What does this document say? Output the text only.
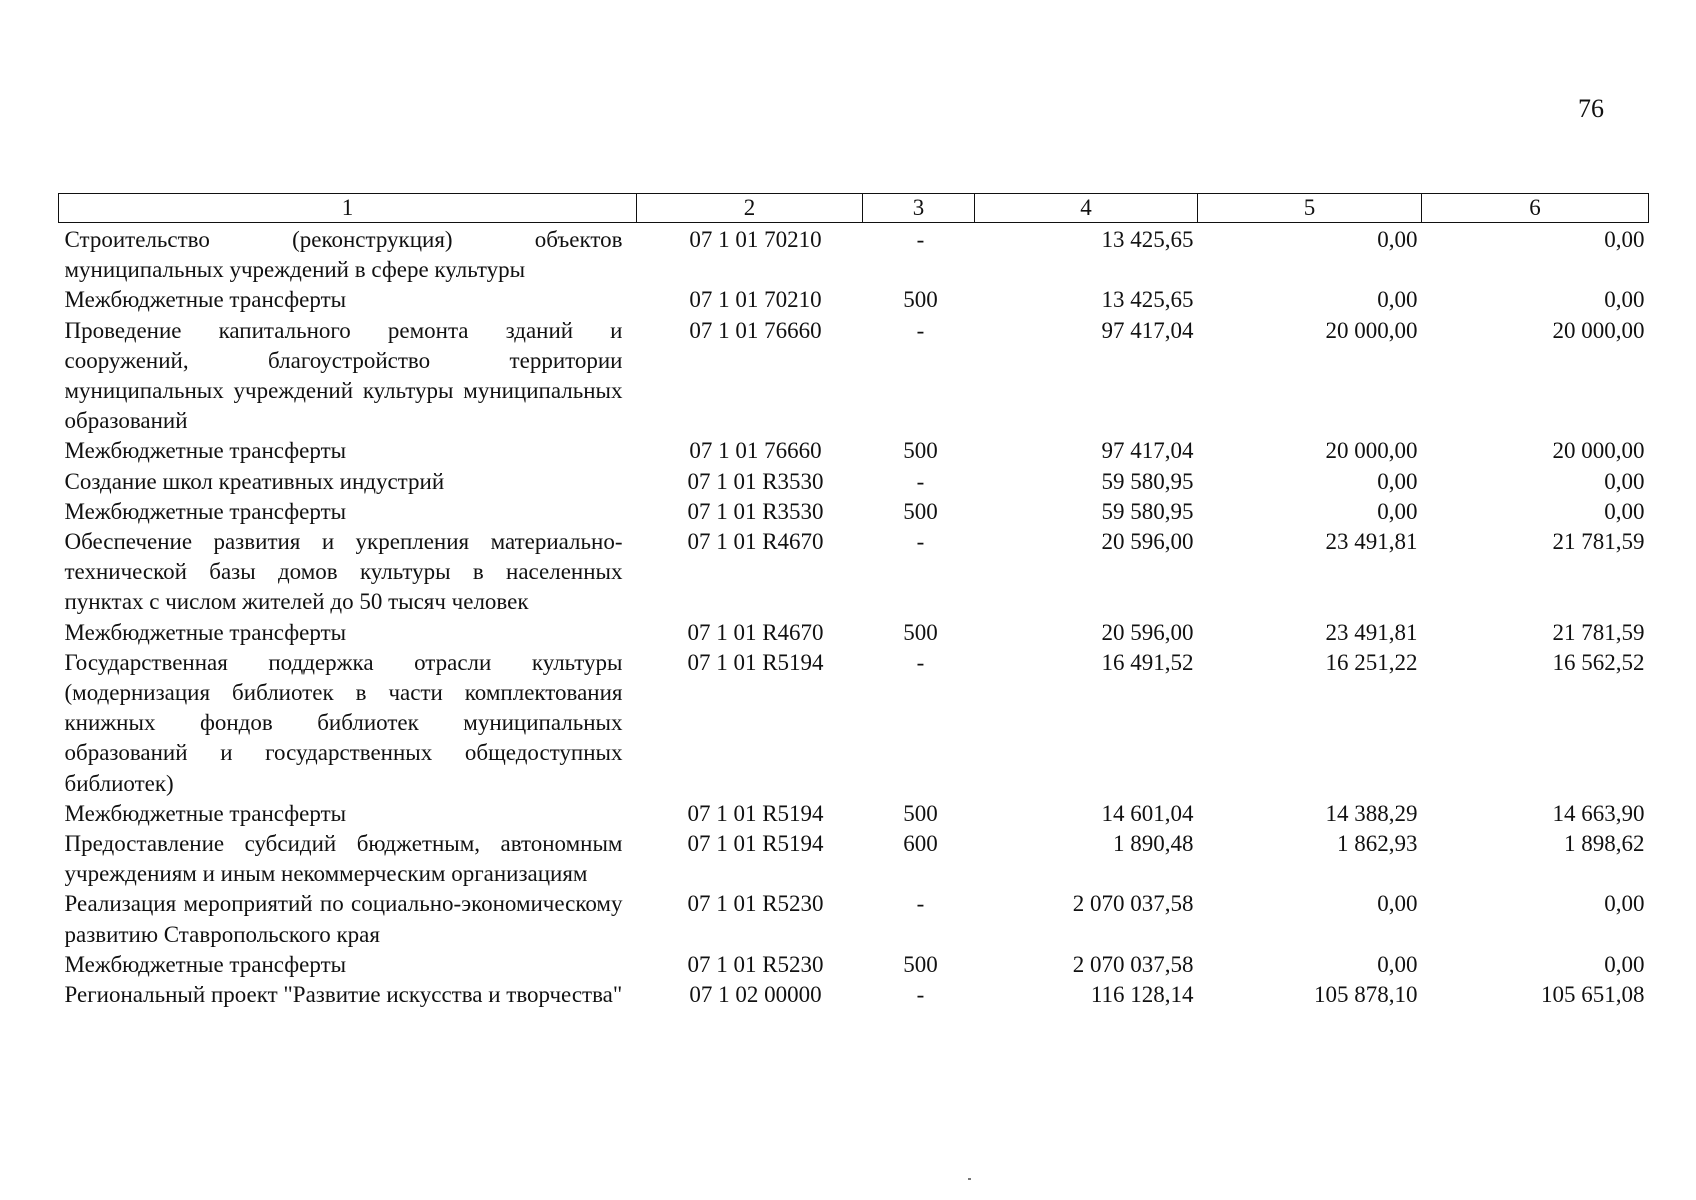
76
1	2	3	4	5	6
Строительство (реконструкция) объектов муниципальных учреждений в сфере культуры	07 1 01 70210	-	13 425,65	0,00	0,00
Межбюджетные трансферты	07 1 01 70210	500	13 425,65	0,00	0,00
Проведение капитального ремонта зданий и сооружений, благоустройство территории муниципальных учреждений культуры муниципальных образований	07 1 01 76660	-	97 417,04	20 000,00	20 000,00
Межбюджетные трансферты	07 1 01 76660	500	97 417,04	20 000,00	20 000,00
Создание школ креативных индустрий	07 1 01 R3530	-	59 580,95	0,00	0,00
Межбюджетные трансферты	07 1 01 R3530	500	59 580,95	0,00	0,00
Обеспечение развития и укрепления материально-технической базы домов культуры в населенных пунктах с числом жителей до 50 тысяч человек	07 1 01 R4670	-	20 596,00	23 491,81	21 781,59
Межбюджетные трансферты	07 1 01 R4670	500	20 596,00	23 491,81	21 781,59
Государственная поддержка отрасли культуры (модернизация библиотек в части комплектования книжных фондов библиотек муниципальных образований и государственных общедоступных библиотек)	07 1 01 R5194	-	16 491,52	16 251,22	16 562,52
Межбюджетные трансферты	07 1 01 R5194	500	14 601,04	14 388,29	14 663,90
Предоставление субсидий бюджетным, автономным учреждениям и иным некоммерческим организациям	07 1 01 R5194	600	1 890,48	1 862,93	1 898,62
Реализация мероприятий по социально-экономическому развитию Ставропольского края	07 1 01 R5230	-	2 070 037,58	0,00	0,00
Межбюджетные трансферты	07 1 01 R5230	500	2 070 037,58	0,00	0,00
Региональный проект "Развитие искусства и творчества"	07 1 02 00000	-	116 128,14	105 878,10	105 651,08
